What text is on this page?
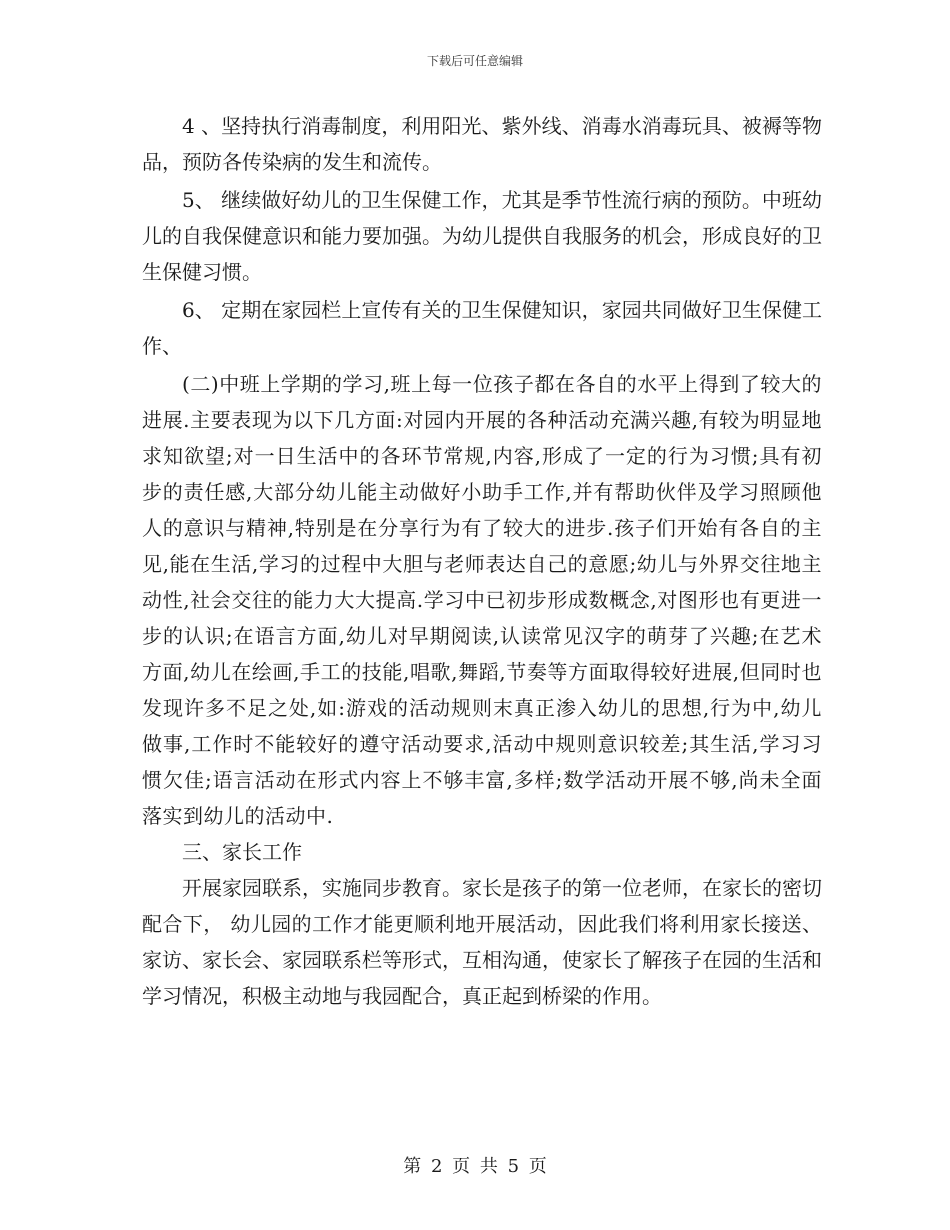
下载后可任意编辑

4 、坚持执行消毒制度，利用阳光、紫外线、消毒水消毒玩具、被褥等物品，预防各传染病的发生和流传。

5、 继续做好幼儿的卫生保健工作，尤其是季节性流行病的预防。中班幼儿的自我保健意识和能力要加强。为幼儿提供自我服务的机会，形成良好的卫生保健习惯。

6、 定期在家园栏上宣传有关的卫生保健知识，家园共同做好卫生保健工作、

(二)中班上学期的学习,班上每一位孩子都在各自的水平上得到了较大的进展.主要表现为以下几方面:对园内开展的各种活动充满兴趣,有较为明显地求知欲望;对一日生活中的各环节常规,内容,形成了一定的行为习惯;具有初步的责任感,大部分幼儿能主动做好小助手工作,并有帮助伙伴及学习照顾他人的意识与精神,特别是在分享行为有了较大的进步.孩子们开始有各自的主见,能在生活,学习的过程中大胆与老师表达自己的意愿;幼儿与外界交往地主动性,社会交往的能力大大提高.学习中已初步形成数概念,对图形也有更进一步的认识;在语言方面,幼儿对早期阅读,认读常见汉字的萌芽了兴趣;在艺术方面,幼儿在绘画,手工的技能,唱歌,舞蹈,节奏等方面取得较好进展,但同时也发现许多不足之处,如:游戏的活动规则末真正渗入幼儿的思想,行为中,幼儿做事,工作时不能较好的遵守活动要求,活动中规则意识较差;其生活,学习习惯欠佳;语言活动在形式内容上不够丰富,多样;数学活动开展不够,尚未全面落实到幼儿的活动中.

三、家长工作

开展家园联系，实施同步教育。家长是孩子的第一位老师，在家长的密切配合下， 幼儿园的工作才能更顺利地开展活动，因此我们将利用家长接送、家访、家长会、家园联系栏等形式，互相沟通，使家长了解孩子在园的生活和学习情况，积极主动地与我园配合，真正起到桥梁的作用。

第 2 页 共 5 页
